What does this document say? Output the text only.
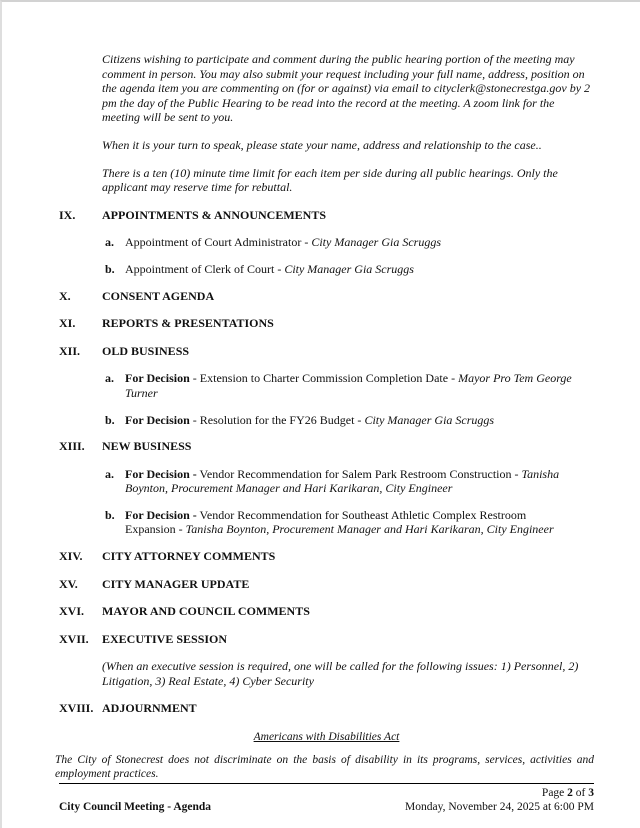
Citizens wishing to participate and comment during the public hearing portion of the meeting may comment in person. You may also submit your request including your full name, address, position on the agenda item you are commenting on (for or against) via email to cityclerk@stonecrestga.gov by 2 pm the day of the Public Hearing to be read into the record at the meeting. A zoom link for the meeting will be sent to you.

When it is your turn to speak, please state your name, address and relationship to the case..

There is a ten (10) minute time limit for each item per side during all public hearings. Only the applicant may reserve time for rebuttal.

IX.	APPOINTMENTS & ANNOUNCEMENTS
a. Appointment of Court Administrator - City Manager Gia Scruggs
b. Appointment of Clerk of Court - City Manager Gia Scruggs
X.	CONSENT AGENDA
XI.	REPORTS & PRESENTATIONS
XII.	OLD BUSINESS
a. For Decision - Extension to Charter Commission Completion Date - Mayor Pro Tem George Turner
b. For Decision - Resolution for the FY26 Budget - City Manager Gia Scruggs
XIII.	NEW BUSINESS
a. For Decision - Vendor Recommendation for Salem Park Restroom Construction - Tanisha Boynton, Procurement Manager and Hari Karikaran, City Engineer
b. For Decision - Vendor Recommendation for Southeast Athletic Complex Restroom Expansion - Tanisha Boynton, Procurement Manager and Hari Karikaran, City Engineer
XIV.	CITY ATTORNEY COMMENTS
XV.	CITY MANAGER UPDATE
XVI.	MAYOR AND COUNCIL COMMENTS
XVII.	EXECUTIVE SESSION

(When an executive session is required, one will be called for the following issues: 1) Personnel, 2) Litigation, 3) Real Estate, 4) Cyber Security

XVIII. ADJOURNMENT
Americans with Disabilities Act

The City of Stonecrest does not discriminate on the basis of disability in its programs, services, activities and employment practices.

Page 2 of 3
City Council Meeting - Agenda	Monday, November 24, 2025 at 6:00 PM
